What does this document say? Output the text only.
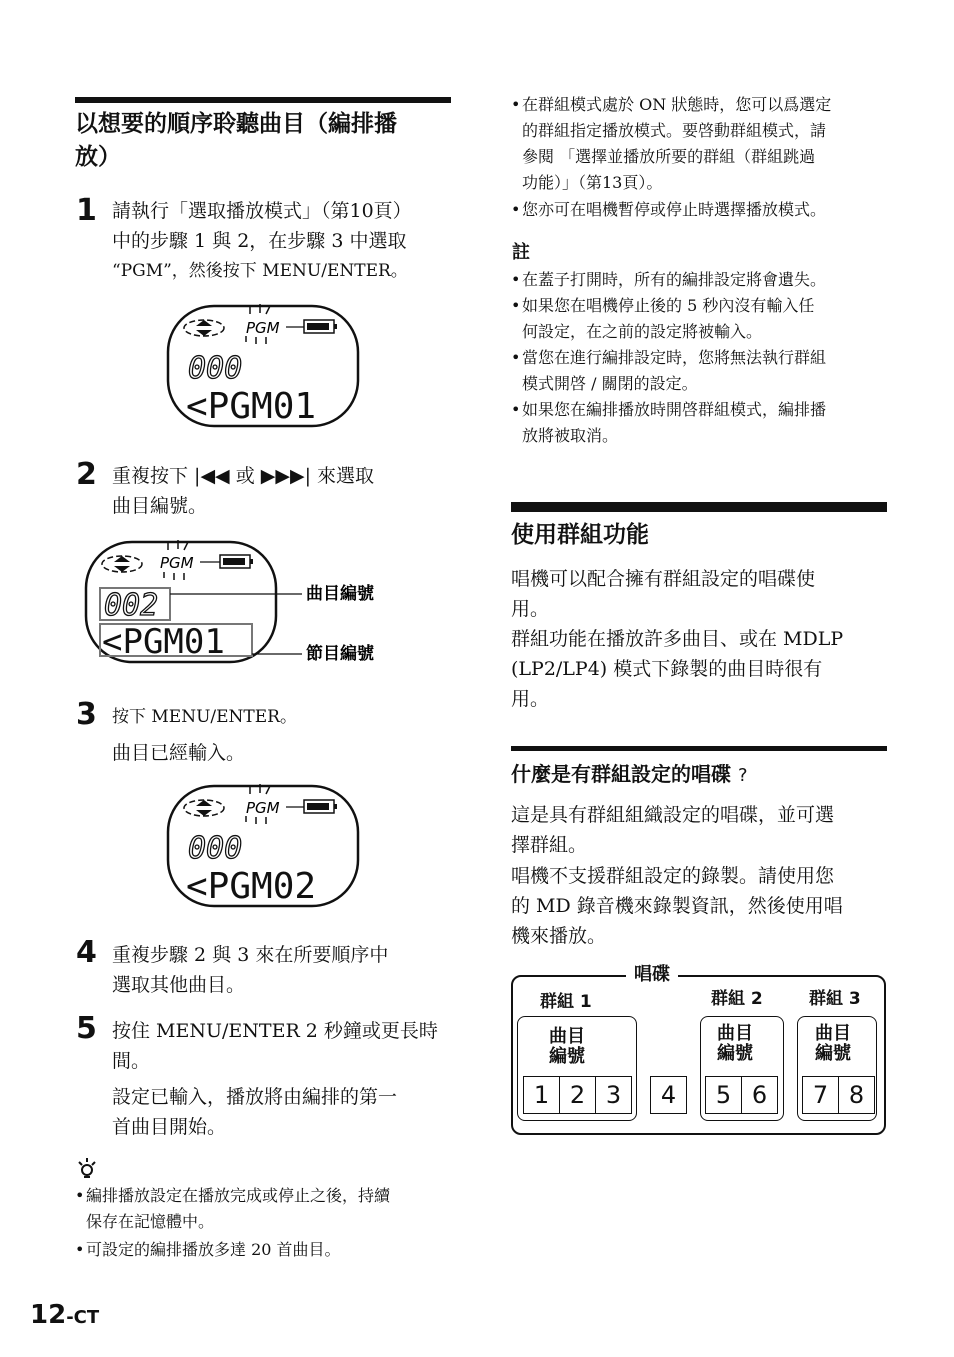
以想要的順序聆聽曲目（編排播
放）
1 請執行「選取播放模式」（第10頁）
中的步驟 1 與 2，在步驟 3 中選取
“PGM”，然後按下 MENU/ENTER。
PGM
000
<PGM01
2 重複按下 |◀◀ 或 ▶▶▶| 來選取
曲目編號。
PGM
002
<PGM01
曲目編號
節目編號
3 按下 MENU/ENTER。
曲目已經輸入。
PGM
000
<PGM02
4 重複步驟 2 與 3 來在所要順序中
選取其他曲目。
5 按住 MENU/ENTER 2 秒鐘或更長時
間。
設定已輸入，播放將由編排的第一
首曲目開始。
• 編排播放設定在播放完成或停止之後，持續
保存在記憶體中。
• 可設定的編排播放多達 20 首曲目。
12-CT
• 在群組模式處於 ON 狀態時，您可以爲選定
的群組指定播放模式。要啓動群組模式，請
參閱 「選擇並播放所要的群組（群組跳過
功能）」（第13頁）。
• 您亦可在唱機暫停或停止時選擇播放模式。
註
• 在蓋子打開時，所有的編排設定將會遺失。
• 如果您在唱機停止後的 5 秒內沒有輸入任
何設定，在之前的設定將被輸入。
• 當您在進行編排設定時，您將無法執行群組
模式開啓 / 關閉的設定。
• 如果您在編排播放時開啓群組模式，編排播
放將被取消。
使用群組功能
唱機可以配合擁有群組設定的唱碟使
用。
群組功能在播放許多曲目、或在 MDLP
(LP2/LP4) 模式下錄製的曲目時很有
用。
什麼是有群組設定的唱碟 ?
這是具有群組組織設定的唱碟，並可選
擇群組。
唱機不支援群組設定的錄製。請使用您
的 MD 錄音機來錄製資訊，然後使用唱
機來播放。
唱碟
群組 1	群組 2	群組 3
曲目
編號
1 2 3	4
曲目
編號
5 6
曲目
編號
7 8
